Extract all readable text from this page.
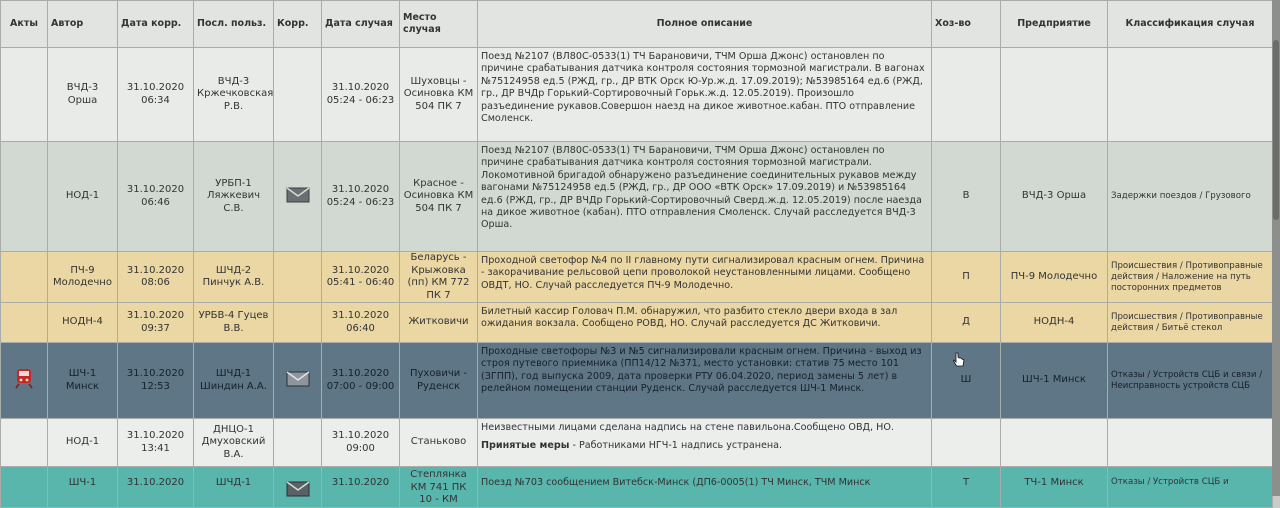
Акты	Автор	Дата корр.	Посл. польз.	Корр.	Дата случая	Место случая	Полное описание	Хоз-во	Предприятие	Классификация случая
	ВЧД-3 Орша	31.10.2020 06:34	ВЧД-3 Кржечковская Р.В.		31.10.2020 05:24 - 06:23	Шуховцы - Осиновка КМ 504 ПК 7	Поезд №2107 (ВЛ80С-0533(1) ТЧ Барановичи, ТЧМ Орша Джонс) остановлен по причине срабатывания датчика контроля состояния тормозной магистрали. В вагонах №75124958 ед.5 (РЖД, гр., ДР ВТК Орск Ю-Ур.ж.д. 17.09.2019); №53985164 ед.6 (РЖД, гр., ДР ВЧДр Горький-Сортировочный Горьк.ж.д. 12.05.2019). Произошло разъединение рукавов.Совершон наезд на дикое животное.кабан. ПТО отправление Смоленск.			
	НОД-1	31.10.2020 06:46	УРБП-1 Ляжкевич С.В.		31.10.2020 05:24 - 06:23	Красное - Осиновка КМ 504 ПК 7	Поезд №2107 (ВЛ80С-0533(1) ТЧ Барановичи, ТЧМ Орша Джонс) остановлен по причине срабатывания датчика контроля состояния тормозной магистрали. Локомотивной бригадой обнаружено разъединение соединительных рукавов между вагонами №75124958 ед.5 (РЖД, гр., ДР ООО «ВТК Орск» 17.09.2019) и №53985164 ед.6 (РЖД, гр., ДР ВЧДр Горький-Сортировочный Сверд.ж.д. 12.05.2019) после наезда на дикое животное (кабан). ПТО отправления Смоленск. Случай расследуется ВЧД-3 Орша.	В	ВЧД-3 Орша	Задержки поездов / Грузового
	ПЧ-9 Молодечно	31.10.2020 08:06	ШЧД-2 Пинчук А.В.		31.10.2020 05:41 - 06:40	Беларусь - Крыжовка (пп) КМ 772 ПК 7	Проходной светофор №4 по II главному пути сигнализировал красным огнем. Причина - закорачивание рельсовой цепи проволокой неустановленными лицами. Сообщено ОВДТ, НО. Случай расследуется ПЧ-9 Молодечно.	П	ПЧ-9 Молодечно	Происшествия / Противоправные действия / Наложение на путь посторонних предметов
	НОДН-4	31.10.2020 09:37	УРБВ-4 Гуцев В.В.		31.10.2020 06:40	Житковичи	Билетный кассир Головач П.М. обнаружил, что разбито стекло двери входа в зал ожидания вокзала. Сообщено РОВД, НО. Случай расследуется ДС Житковичи.	Д	НОДН-4	Происшествия / Противоправные действия / Битьё стекол
	ШЧ-1 Минск	31.10.2020 12:53	ШЧД-1 Шиндин А.А.		31.10.2020 07:00 - 09:00	Пуховичи - Руденск	Проходные светофоры №3 и №5 сигнализировали красным огнем. Причина - выход из строя путевого приемника (ПП14/12 №371, место установки: статив 75 место 101 (ЗГПП), год выпуска 2009, дата проверки РТУ 06.04.2020, период замены 5 лет) в релейном помещении станции Руденск. Случай расследуется ШЧ-1 Минск.	Ш	ШЧ-1 Минск	Отказы / Устройств СЦБ и связи / Неисправность устройств СЦБ
	НОД-1	31.10.2020 13:41	ДНЦО-1 Дмуховский В.А.		31.10.2020 09:00	Станьково	Неизвестными лицами сделана надпись на стене павильона.Сообщено ОВД, НО.
Принятые меры - Работниками НГЧ-1 надпись устранена.			

	ШЧ-1	31.10.2020	ШЧД-1		31.10.2020	Степлянка КМ 741 ПК 10 - КМ	Поезд №703 сообщением Витебск-Минск (ДП6-0005(1) ТЧ Минск, ТЧМ Минск	Т	ТЧ-1 Минск	Отказы / Устройств СЦБ и
